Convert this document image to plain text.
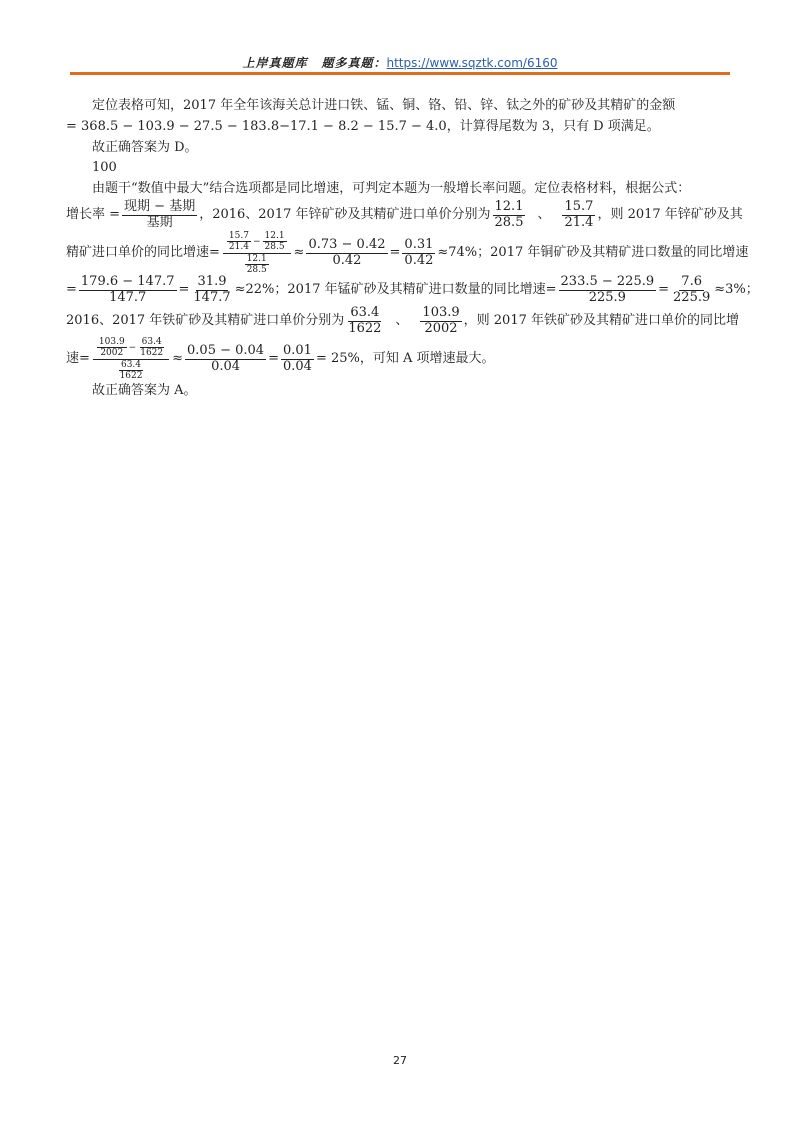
上岸真题库 题多真题：https://www.sqztk.com/6160

定位表格可知，2017 年全年该海关总计进口铁、锰、铜、铬、铅、锌、钛之外的矿砂及其精矿的金额

= 368.5 − 103.9 − 27.5 − 183.8−17.1 − 8.2 − 15.7 − 4.0，计算得尾数为 3，只有 D 项满足。

故正确答案为 D。

100

由题干“数值中最大”结合选项都是同比增速，可判定本题为一般增长率问题。定位表格材料，根据公式：

增长率 = $\frac{\text{现期 − 基期}}{\text{基期}}$ ，2016、2017 年锌矿砂及其精矿进口单价分别为 $\frac{12.1}{28.5}$ 、 $\frac{15.7}{21.4}$ ，则 2017 年锌矿砂及其
精矿进口单价的同比增速= $\frac{\frac{15.7}{21.4} - \frac{12.1}{28.5}}{\frac{12.1}{28.5}} \approx \frac{0.73 - 0.42}{0.42} = \frac{0.31}{0.42} \approx 74\%$；2017 年铜矿砂及其精矿进口数量的同比增速
= $\frac{179.6 - 147.7}{147.7} = \frac{31.9}{147.7} \approx 22\%$；2017 年锰矿砂及其精矿进口数量的同比增速= $\frac{233.5 - 225.9}{225.9} = \frac{7.6}{225.9} \approx 3\%$；
2016、2017 年铁矿砂及其精矿进口单价分别为 $\frac{63.4}{1622}$ 、 $\frac{103.9}{2002}$ ，则 2017 年铁矿砂及其精矿进口单价的同比增
速= $\frac{\frac{103.9}{2002} - \frac{63.4}{1622}}{\frac{63.4}{1622}} \approx \frac{0.05 - 0.04}{0.04} = \frac{0.01}{0.04} = 25\%$，可知 A 项增速最大。

故正确答案为 A。

27
